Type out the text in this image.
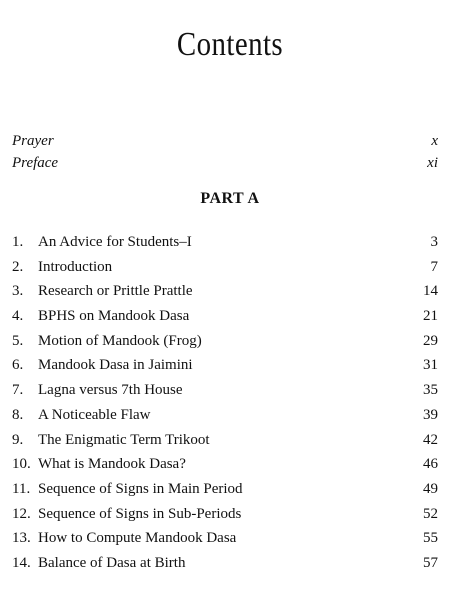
Contents
Prayer	x
Preface	xi
PART A
1. An Advice for Students–I	3
2. Introduction	7
3. Research or Prittle Prattle	14
4. BPHS on Mandook Dasa	21
5. Motion of Mandook (Frog)	29
6. Mandook Dasa in Jaimini	31
7. Lagna versus 7th House	35
8. A Noticeable Flaw	39
9. The Enigmatic Term Trikoot	42
10. What is Mandook Dasa?	46
11. Sequence of Signs in Main Period	49
12. Sequence of Signs in Sub-Periods	52
13. How to Compute Mandook Dasa	55
14. Balance of Dasa at Birth	57
